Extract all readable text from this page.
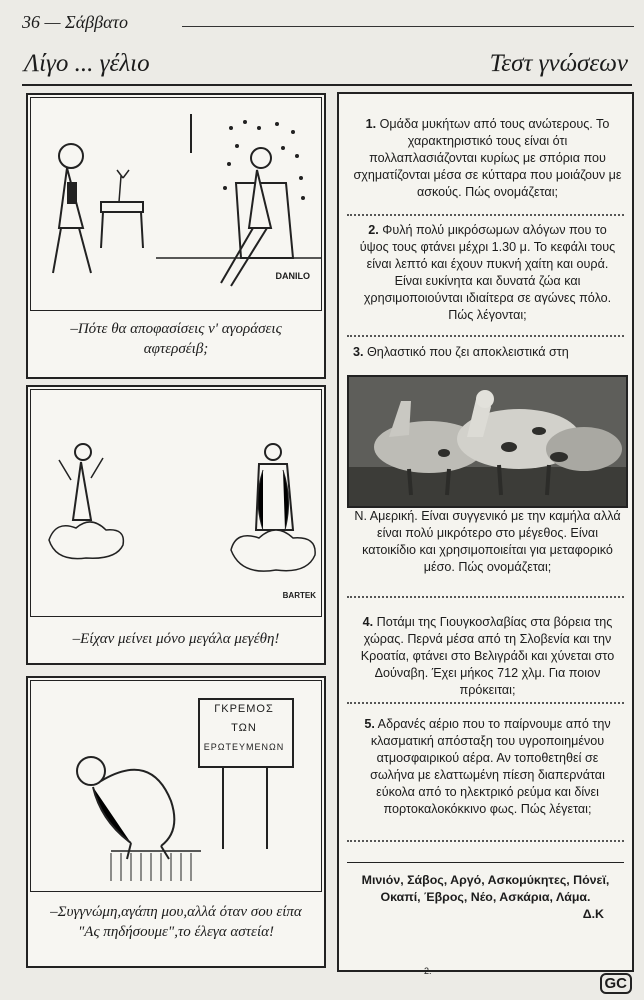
36 — Σάββατο
Λίγο ... γέλιο	Τεστ γνώσεων
DANILO
–Πότε θα αποφασίσεις ν' αγοράσεις αφτερσέιβ;
BARTEK
–Είχαν μείνει μόνο μεγάλα μεγέθη!
ΓΚΡΕΜΟΣ
ΤΩΝ
ΕΡΩΤΕΥΜΕΝΩΝ
–Συγγνώμη,αγάπη μου,αλλά όταν σου είπα "Ας πηδήσουμε",το έλεγα αστεία!
1. Ομάδα μυκήτων από τους ανώτερους. Το χαρακτηριστικό τους είναι ότι πολλαπλασιάζονται κυρίως με σπόρια που σχηματίζονται μέσα σε κύτταρα που μοιάζουν με ασκούς. Πώς ονομάζεται;
2. Φυλή πολύ μικρόσωμων αλόγων που το ύψος τους φτάνει μέχρι 1.30 μ. Το κεφάλι τους είναι λεπτό και έχουν πυκνή χαίτη και ουρά. Είναι ευκίνητα και δυνατά ζώα και χρησιμοποιούνται ιδιαίτερα σε αγώνες πόλο. Πώς λέγονται;
3. Θηλαστικό που ζει αποκλειστικά στη
Ν. Αμερική. Είναι συγγενικό με την καμήλα αλλά είναι πολύ μικρότερο στο μέγεθος. Είναι κατοικίδιο και χρησιμοποιείται για μεταφορικό μέσο. Πώς ονομάζεται;
4. Ποτάμι της Γιουγκοσλαβίας στα βόρεια της χώρας. Περνά μέσα από τη Σλοβενία και την Κροατία, φτάνει στο Βελιγράδι και χύνεται στο Δούναβη. Έχει μήκος 712 χλμ. Για ποιον πρόκειται;
5. Αδρανές αέριο που το παίρνουμε από την κλασματική απόσταξη του υγροποιημένου ατμοσφαιρικού αέρα. Αν τοποθετηθεί σε σωλήνα με ελαττωμένη πίεση διαπερνάται εύκολα από το ηλεκτρικό ρεύμα και δίνει πορτοκαλοκόκκινο φως. Πώς λέγεται;
Μινιόν, Σάβος, Αργό, Ασκομύκητες, Πόνεϊ, Οκαπί, Έβρος, Νέο, Ασκάρια, Λάμα.
Δ.Κ
2.
GC
